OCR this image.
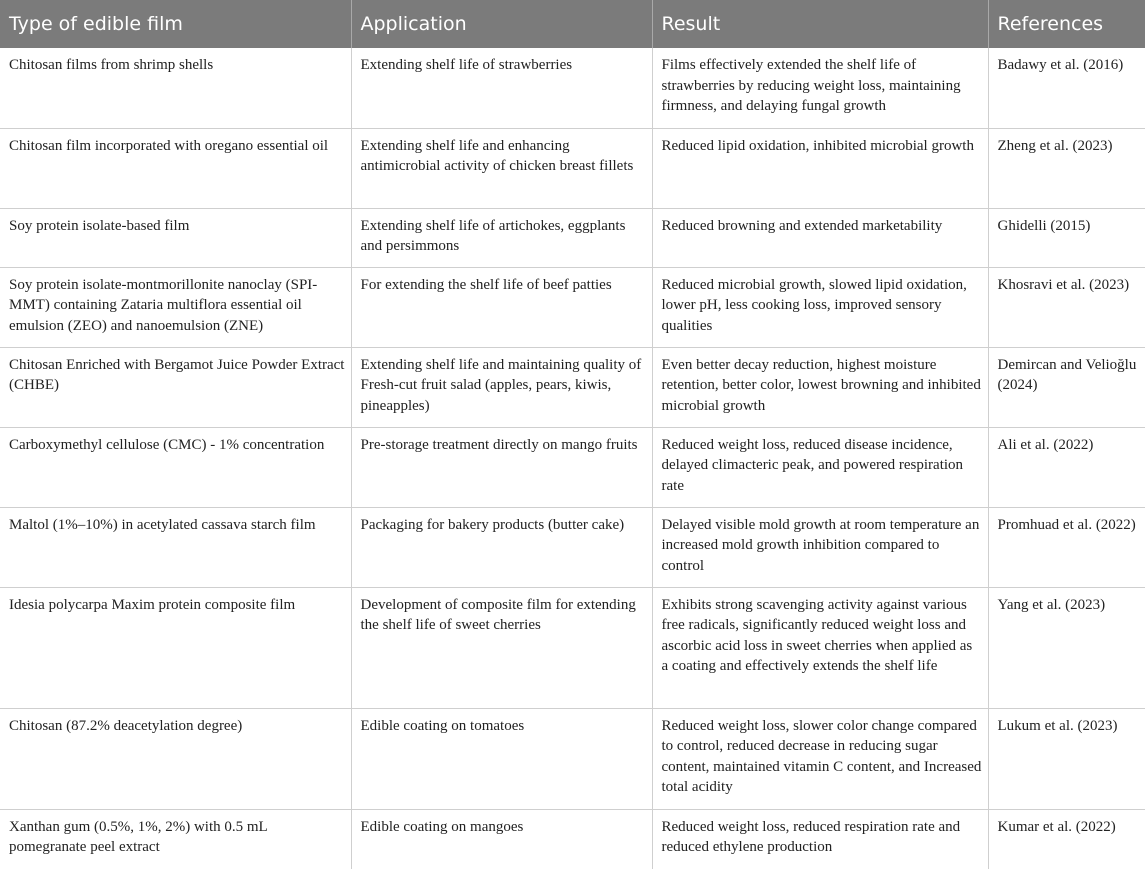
Type of edible film	Application	Result	References
Chitosan films from shrimp shells	Extending shelf life of strawberries	Films effectively extended the shelf life of strawberries by reducing weight loss, maintaining firmness, and delaying fungal growth	Badawy et al. (2016)
Chitosan film incorporated with oregano essential oil	Extending shelf life and enhancing antimicrobial activity of chicken breast fillets	Reduced lipid oxidation, inhibited microbial growth	Zheng et al. (2023)
Soy protein isolate-based film	Extending shelf life of artichokes, eggplants and persimmons	Reduced browning and extended marketability	Ghidelli (2015)
Soy protein isolate-montmorillonite nanoclay (SPI-MMT) containing Zataria multiflora essential oil emulsion (ZEO) and nanoemulsion (ZNE)	For extending the shelf life of beef patties	Reduced microbial growth, slowed lipid oxidation, lower pH, less cooking loss, improved sensory qualities	Khosravi et al. (2023)
Chitosan Enriched with Bergamot Juice Powder Extract (CHBE)	Extending shelf life and maintaining quality of Fresh-cut fruit salad (apples, pears, kiwis, pineapples)	Even better decay reduction, highest moisture retention, better color, lowest browning and inhibited microbial growth	Demircan and Velioğlu (2024)
Carboxymethyl cellulose (CMC) - 1% concentration	Pre-storage treatment directly on mango fruits	Reduced weight loss, reduced disease incidence, delayed climacteric peak, and powered respiration rate	Ali et al. (2022)
Maltol (1%–10%) in acetylated cassava starch film	Packaging for bakery products (butter cake)	Delayed visible mold growth at room temperature an increased mold growth inhibition compared to control	Promhuad et al. (2022)
Idesia polycarpa Maxim protein composite film	Development of composite film for extending the shelf life of sweet cherries	Exhibits strong scavenging activity against various free radicals, significantly reduced weight loss and ascorbic acid loss in sweet cherries when applied as a coating and effectively extends the shelf life	Yang et al. (2023)
Chitosan (87.2% deacetylation degree)	Edible coating on tomatoes	Reduced weight loss, slower color change compared to control, reduced decrease in reducing sugar content, maintained vitamin C content, and Increased total acidity	Lukum et al. (2023)
Xanthan gum (0.5%, 1%, 2%) with 0.5 mL pomegranate peel extract	Edible coating on mangoes	Reduced weight loss, reduced respiration rate and reduced ethylene production	Kumar et al. (2022)
